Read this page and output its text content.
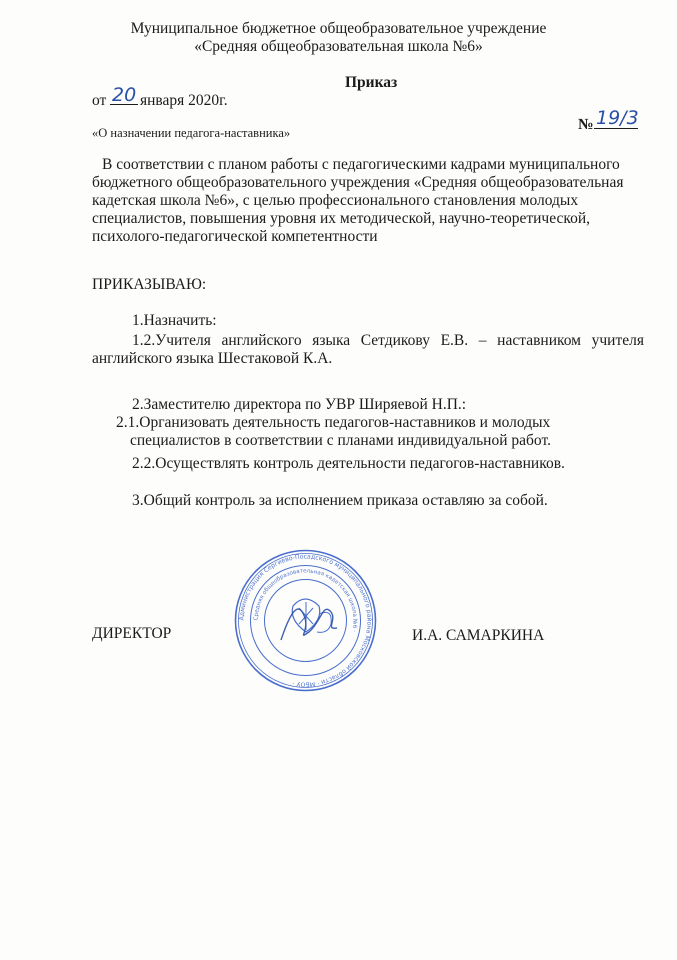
Муниципальное бюджетное общеобразовательное учреждение
«Средняя общеобразовательная школа №6»
Приказ
от 20 января 2020г.
№ 19/3
«О назначении педагога-наставника»
В соответствии с планом работы с педагогическими кадрами муниципального
бюджетного общеобразовательного учреждения «Средняя общеобразовательная
кадетская школа №6», с целью профессионального становления молодых
специалистов, повышения уровня их методической, научно-теоретической,
психолого-педагогической компетентности
ПРИКАЗЫВАЮ:
1.Назначить:
1.2.Учителя английского языка Сетдикову Е.В. – наставником учителя
английского языка Шестаковой К.А.
2.Заместителю директора по УВР Ширяевой Н.П.:
2.1.Организовать деятельность педагогов-наставников и молодых
специалистов в соответствии с планами индивидуальной работ.
2.2.Осуществлять контроль деятельности педагогов-наставников.
3.Общий контроль за исполнением приказа оставляю за собой.
ДИРЕКТОР	И.А. САМАРКИНА
Администрация Сергиево-Посадского муниципального района Московской области · МБОУ ·
Средняя общеобразовательная кадетская школа №6 ·
